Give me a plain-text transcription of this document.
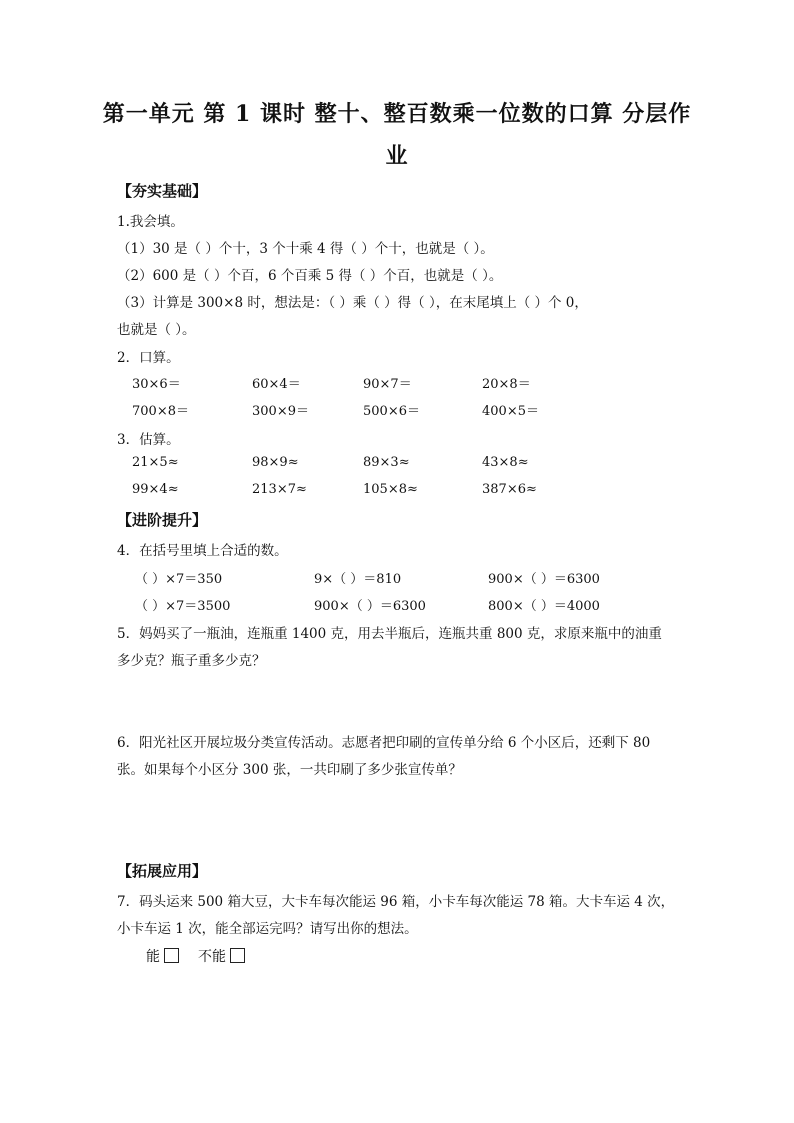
第一单元 第 1 课时 整十、整百数乘一位数的口算 分层作
业
【夯实基础】
1.我会填。
（1）30 是（ ）个十，3 个十乘 4 得（ ）个十，也就是（ ）。
（2）600 是（ ）个百，6 个百乘 5 得（ ）个百，也就是（ ）。
（3）计算是 300×8 时，想法是：（ ）乘（ ）得（ ），在末尾填上（ ）个 0，
也就是（ ）。
2．口算。
30×6＝	60×4＝	90×7＝	20×8＝
700×8＝	300×9＝	500×6＝	400×5＝
3．估算。
21×5≈	98×9≈	89×3≈	43×8≈
99×4≈	213×7≈	105×8≈	387×6≈
【进阶提升】
4．在括号里填上合适的数。
（ ）×7＝350	9×（ ）＝810	900×（ ）＝6300
（ ）×7＝3500	900×（ ）＝6300	800×（ ）＝4000
5．妈妈买了一瓶油，连瓶重 1400 克，用去半瓶后，连瓶共重 800 克，求原来瓶中的油重
多少克？瓶子重多少克？
6．阳光社区开展垃圾分类宣传活动。志愿者把印刷的宣传单分给 6 个小区后，还剩下 80
张。如果每个小区分 300 张，一共印刷了多少张宣传单？
【拓展应用】
7．码头运来 500 箱大豆，大卡车每次能运 96 箱，小卡车每次能运 78 箱。大卡车运 4 次，
小卡车运 1 次，能全部运完吗？请写出你的想法。
能	不能
